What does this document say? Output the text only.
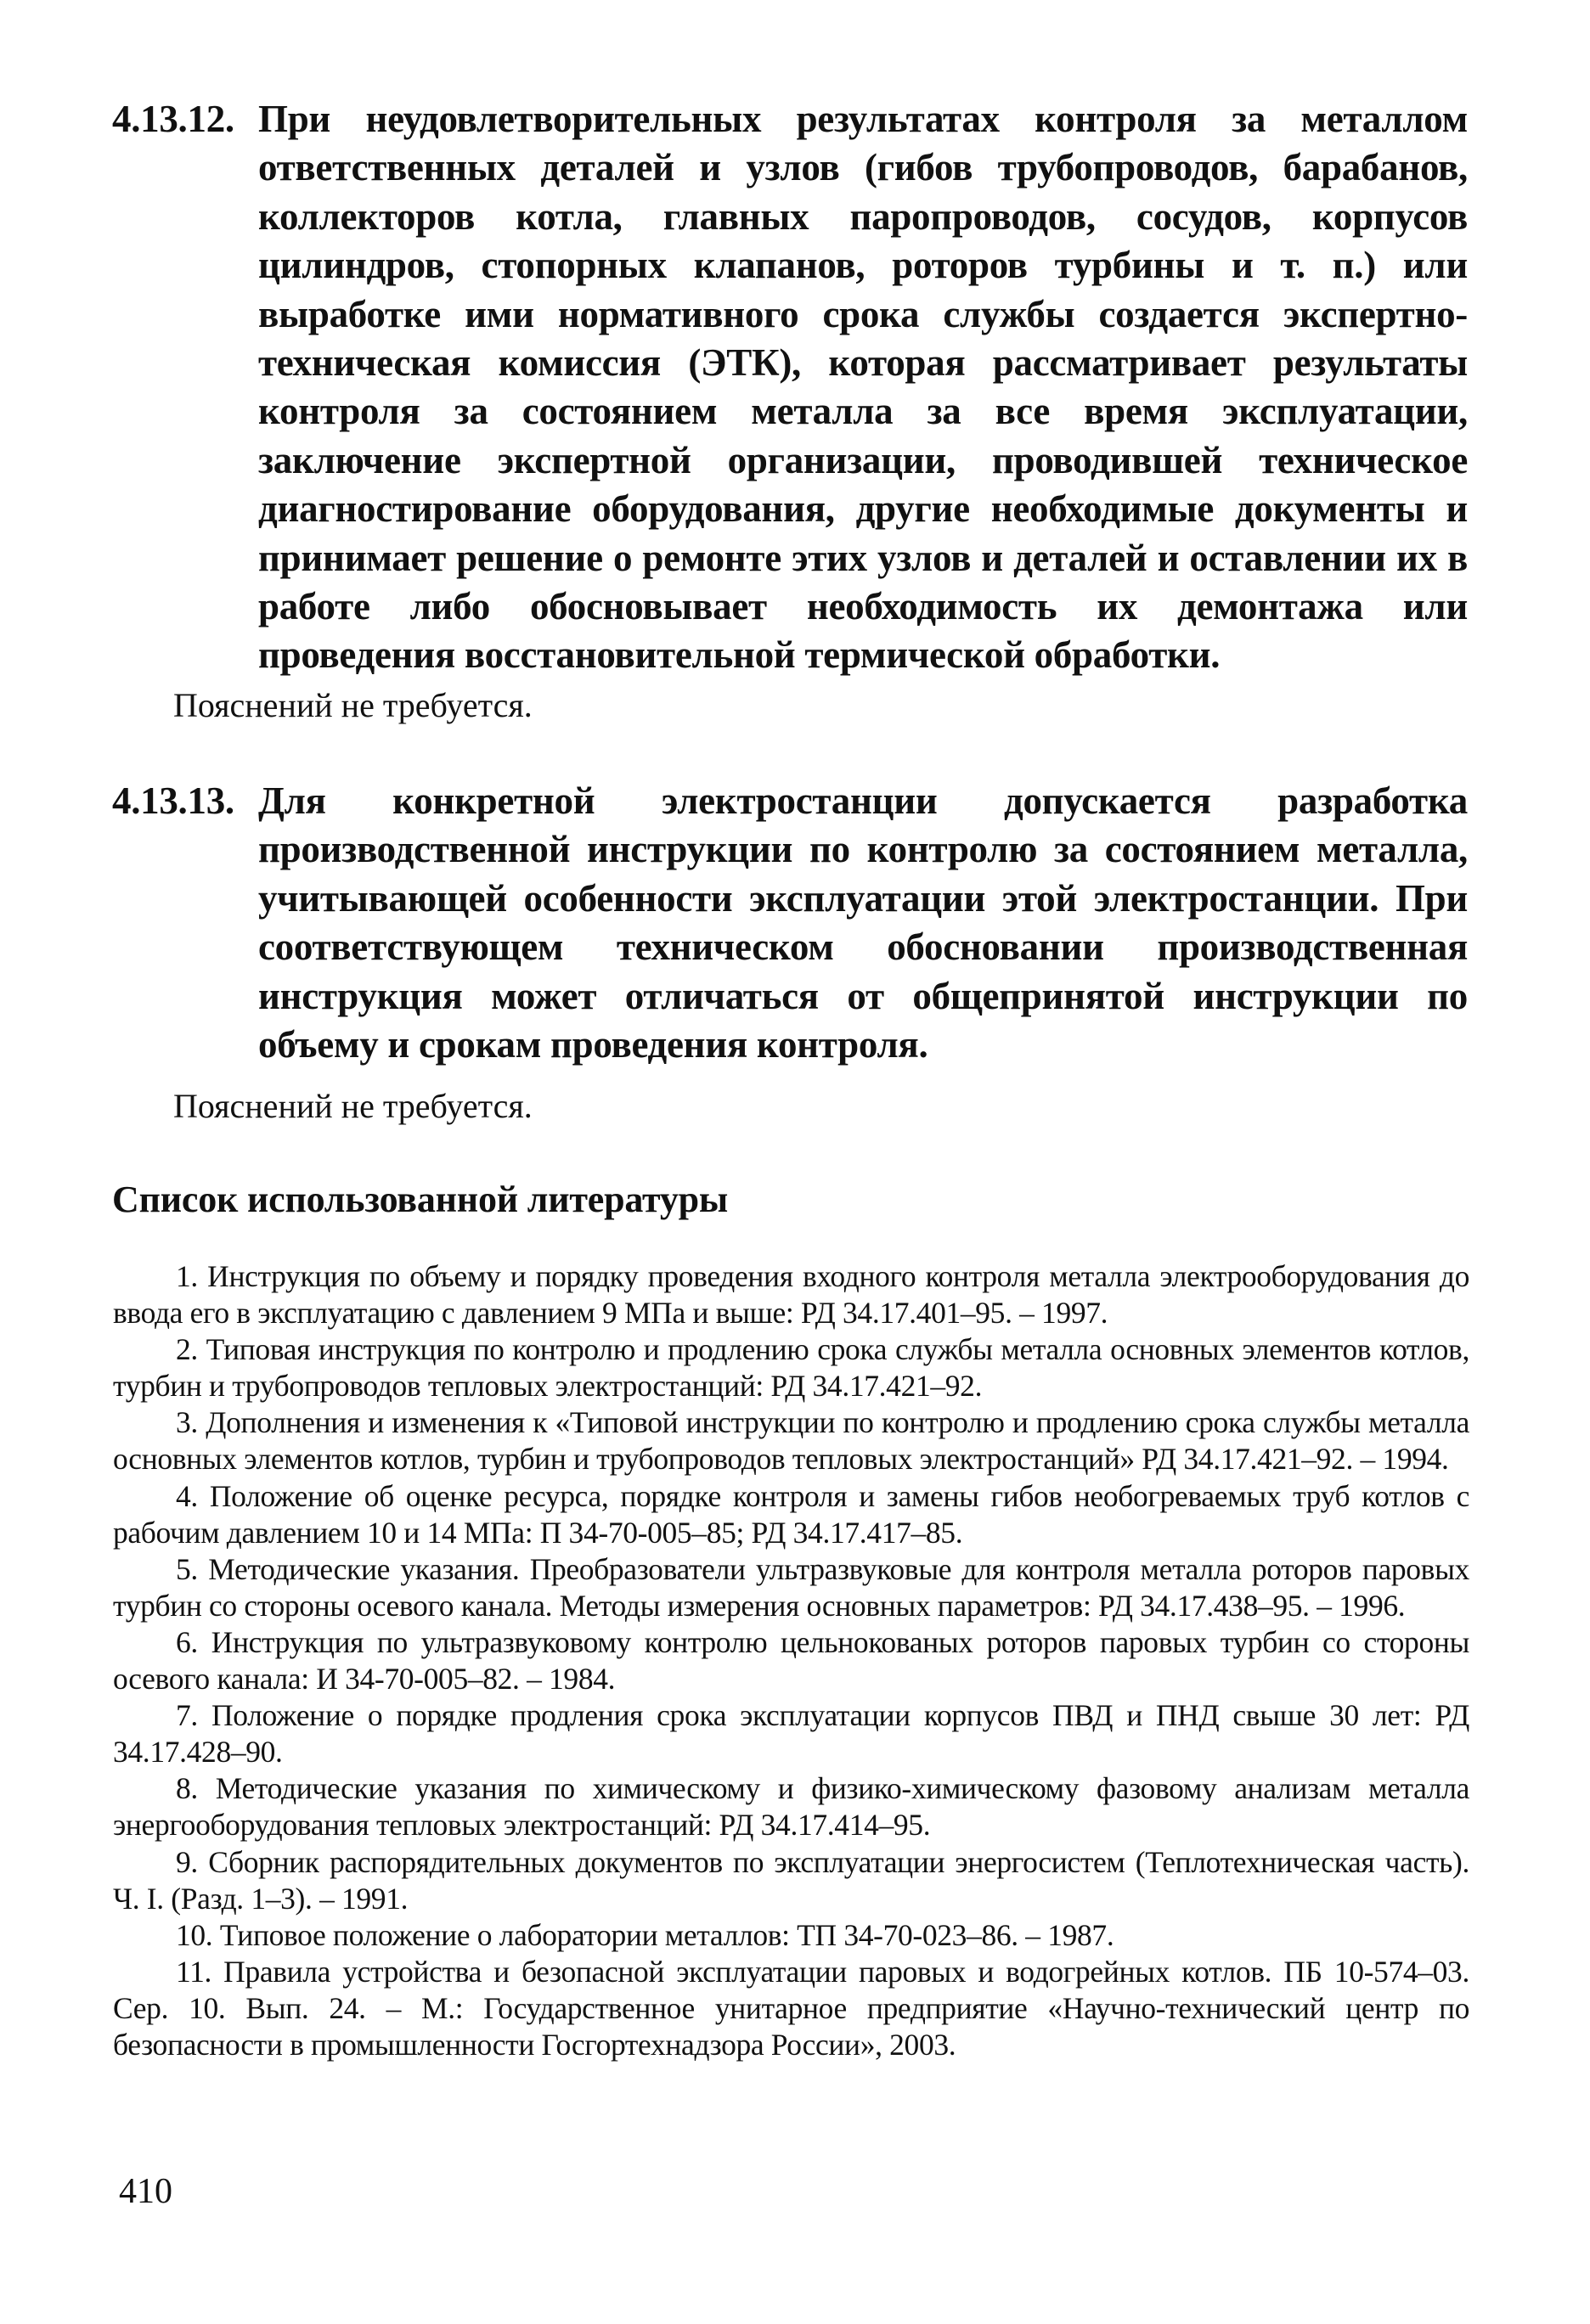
4.13.12. При неудовлетворительных результатах контроля за металлом ответственных деталей и узлов (гибов трубопроводов, барабанов, коллекторов котла, главных паропроводов, сосудов, корпусов цилиндров, стопорных клапанов, роторов турбины и т. п.) или выработке ими нормативного срока службы создается экспертно-техническая комиссия (ЭТК), которая рассматривает результаты контроля за состоянием металла за все время эксплуатации, заключение экспертной организации, проводившей техническое диагностирование оборудования, другие необходимые документы и принимает решение о ремонте этих узлов и деталей и оставлении их в работе либо обосновывает необходимость их демонтажа или проведения восстановительной термической обработки.
Пояснений не требуется.
4.13.13. Для конкретной электростанции допускается разработка производственной инструкции по контролю за состоянием металла, учитывающей особенности эксплуатации этой электростанции. При соответствующем техническом обосновании производственная инструкция может отличаться от общепринятой инструкции по объему и срокам проведения контроля.
Пояснений не требуется.
Список использованной литературы

1. Инструкция по объему и порядку проведения входного контроля металла электрооборудования до ввода его в эксплуатацию с давлением 9 МПа и выше: РД 34.17.401–95. – 1997.

2. Типовая инструкция по контролю и продлению срока службы металла основных элементов котлов, турбин и трубопроводов тепловых электростанций: РД 34.17.421–92.

3. Дополнения и изменения к «Типовой инструкции по контролю и продлению срока службы металла основных элементов котлов, турбин и трубопроводов тепловых электростанций» РД 34.17.421–92. – 1994.

4. Положение об оценке ресурса, порядке контроля и замены гибов необогреваемых труб котлов с рабочим давлением 10 и 14 МПа: П 34-70-005–85; РД 34.17.417–85.

5. Методические указания. Преобразователи ультразвуковые для контроля металла роторов паровых турбин со стороны осевого канала. Методы измерения основных параметров: РД 34.17.438–95. – 1996.

6. Инструкция по ультразвуковому контролю цельнокованых роторов паровых турбин со стороны осевого канала: И 34-70-005–82. – 1984.

7. Положение о порядке продления срока эксплуатации корпусов ПВД и ПНД свыше 30 лет: РД 34.17.428–90.

8. Методические указания по химическому и физико-химическому фазовому анализам металла энергооборудования тепловых электростанций: РД 34.17.414–95.

9. Сборник распорядительных документов по эксплуатации энергосистем (Теплотехническая часть). Ч. I. (Разд. 1–3). – 1991.

10. Типовое положение о лаборатории металлов: ТП 34-70-023–86. – 1987.

11. Правила устройства и безопасной эксплуатации паровых и водогрейных котлов. ПБ 10-574–03. Сер. 10. Вып. 24. – М.: Государственное унитарное предприятие «Научно-технический центр по безопасности в промышленности Госгортехнадзора России», 2003.

410
